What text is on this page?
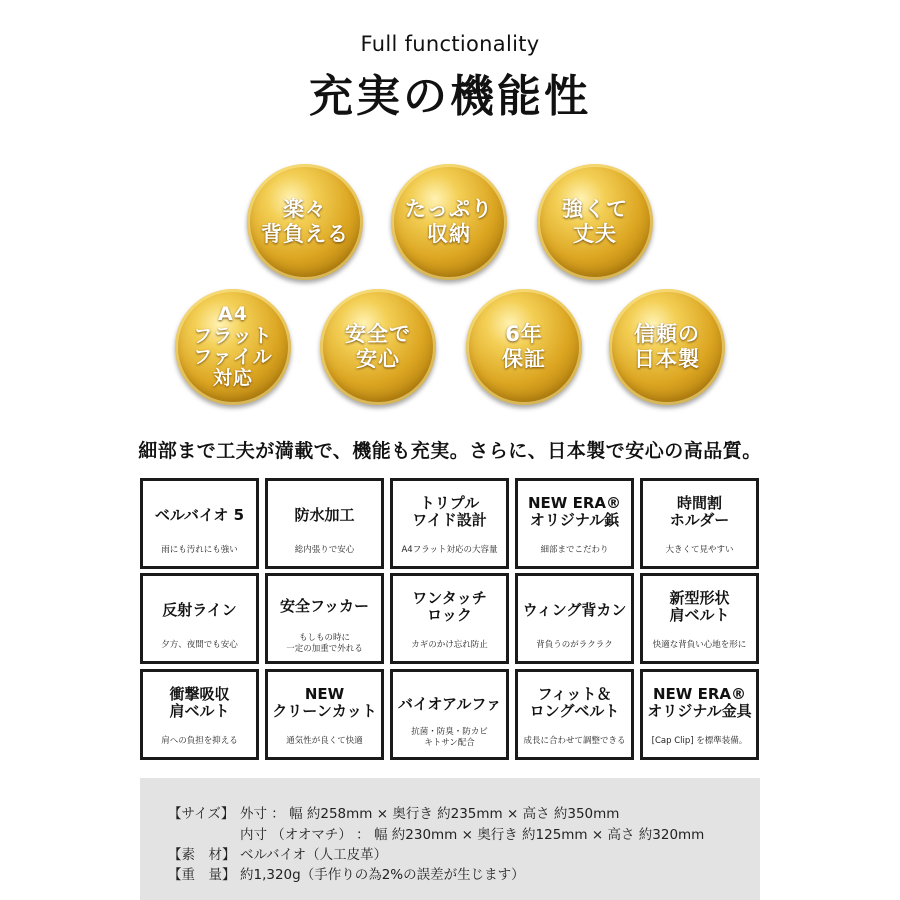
Full functionality
充実の機能性
楽々
背負える
たっぷり
収納
強くて
丈夫
A4
フラット
ファイル
対応
安全で
安心
6年
保証
信頼の
日本製
細部まで工夫が満載で、機能も充実。さらに、日本製で安心の高品質。
ベルバイオ 5
雨にも汚れにも強い
防水加工
総内張りで安心
トリプル
ワイド設計
A4フラット対応の大容量
NEW ERA®
オリジナル鋲
細部までこだわり
時間割
ホルダー
大きくて見やすい
反射ライン
夕方、夜間でも安心
安全フッカー
もしもの時に
一定の加重で外れる
ワンタッチ
ロック
カギのかけ忘れ防止
ウィング背カン
背負うのがラクラク
新型形状
肩ベルト
快適な背負い心地を形に
衝撃吸収
肩ベルト
肩への負担を抑える
NEW
クリーンカット
通気性が良くて快適
バイオアルファ
抗菌・防臭・防カビ
キトサン配合
フィット＆
ロングベルト
成長に合わせて調整できる
NEW ERA®
オリジナル金具
[Cap Clip] を標準装備。
【サイズ】 外寸 ： 幅 約258mm × 奥行き 約235mm × 高さ 約350mm
内寸 （オオマチ） ： 幅 約230mm × 奥行き 約125mm × 高さ 約320mm
【素　材】 ベルバイオ（人工皮革）
【重　量】 約1,320g（手作りの為2%の誤差が生じます）
